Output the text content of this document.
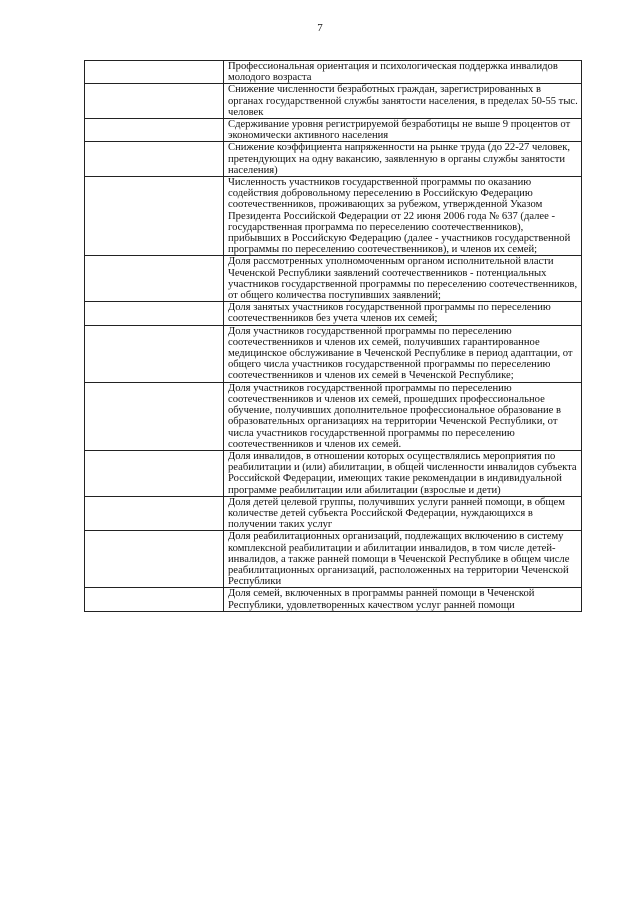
7
	Профессиональная ориентация и психологическая поддержка инвалидов молодого возраста
	Снижение численности безработных граждан, зарегистрированных в органах государственной службы занятости населения, в пределах 50-55 тыс. человек
	Сдерживание уровня регистрируемой безработицы не выше 9 процентов от экономически активного населения
	Снижение коэффициента напряженности на рынке труда (до 22-27 человек, претендующих на одну вакансию, заявленную в органы службы занятости населения)
	Численность участников государственной программы по оказанию содействия добровольному переселению в Российскую Федерацию соотечественников, проживающих за рубежом, утвержденной Указом Президента Российской Федерации от 22 июня 2006 года № 637 (далее - государственная программа по переселению соотечественников), прибывших в Российскую Федерацию (далее - участников государственной программы по переселению соотечественников), и членов их семей;
	Доля рассмотренных уполномоченным органом исполнительной власти Чеченской Республики заявлений соотечественников - потенциальных участников государственной программы по переселению соотечественников, от общего количества поступивших заявлений;
	Доля занятых участников государственной программы по переселению соотечественников без учета членов их семей;
	Доля участников государственной программы по переселению соотечественников и членов их семей, получивших гарантированное медицинское обслуживание в Чеченской Республике в период адаптации, от общего числа участников государственной программы по переселению соотечественников и членов их семей в Чеченской Республике;
	Доля участников государственной программы по переселению соотечественников и членов их семей, прошедших профессиональное обучение, получивших дополнительное профессиональное образование в образовательных организациях на территории Чеченской Республики, от числа участников государственной программы по переселению соотечественников и членов их семей.
	Доля инвалидов, в отношении которых осуществлялись мероприятия по реабилитации и (или) абилитации, в общей численности инвалидов субъекта Российской Федерации, имеющих такие рекомендации в индивидуальной программе реабилитации или абилитации (взрослые и дети)
	Доля детей целевой группы, получивших услуги ранней помощи, в общем количестве детей субъекта Российской Федерации, нуждающихся в получении таких услуг
	Доля реабилитационных организаций, подлежащих включению в систему комплексной реабилитации и абилитации инвалидов, в том числе детей-инвалидов, а также ранней помощи в Чеченской Республике в общем числе реабилитационных организаций, расположенных на территории Чеченской Республики
	Доля семей, включенных в программы ранней помощи в Чеченской Республики, удовлетворенных качеством услуг ранней помощи
